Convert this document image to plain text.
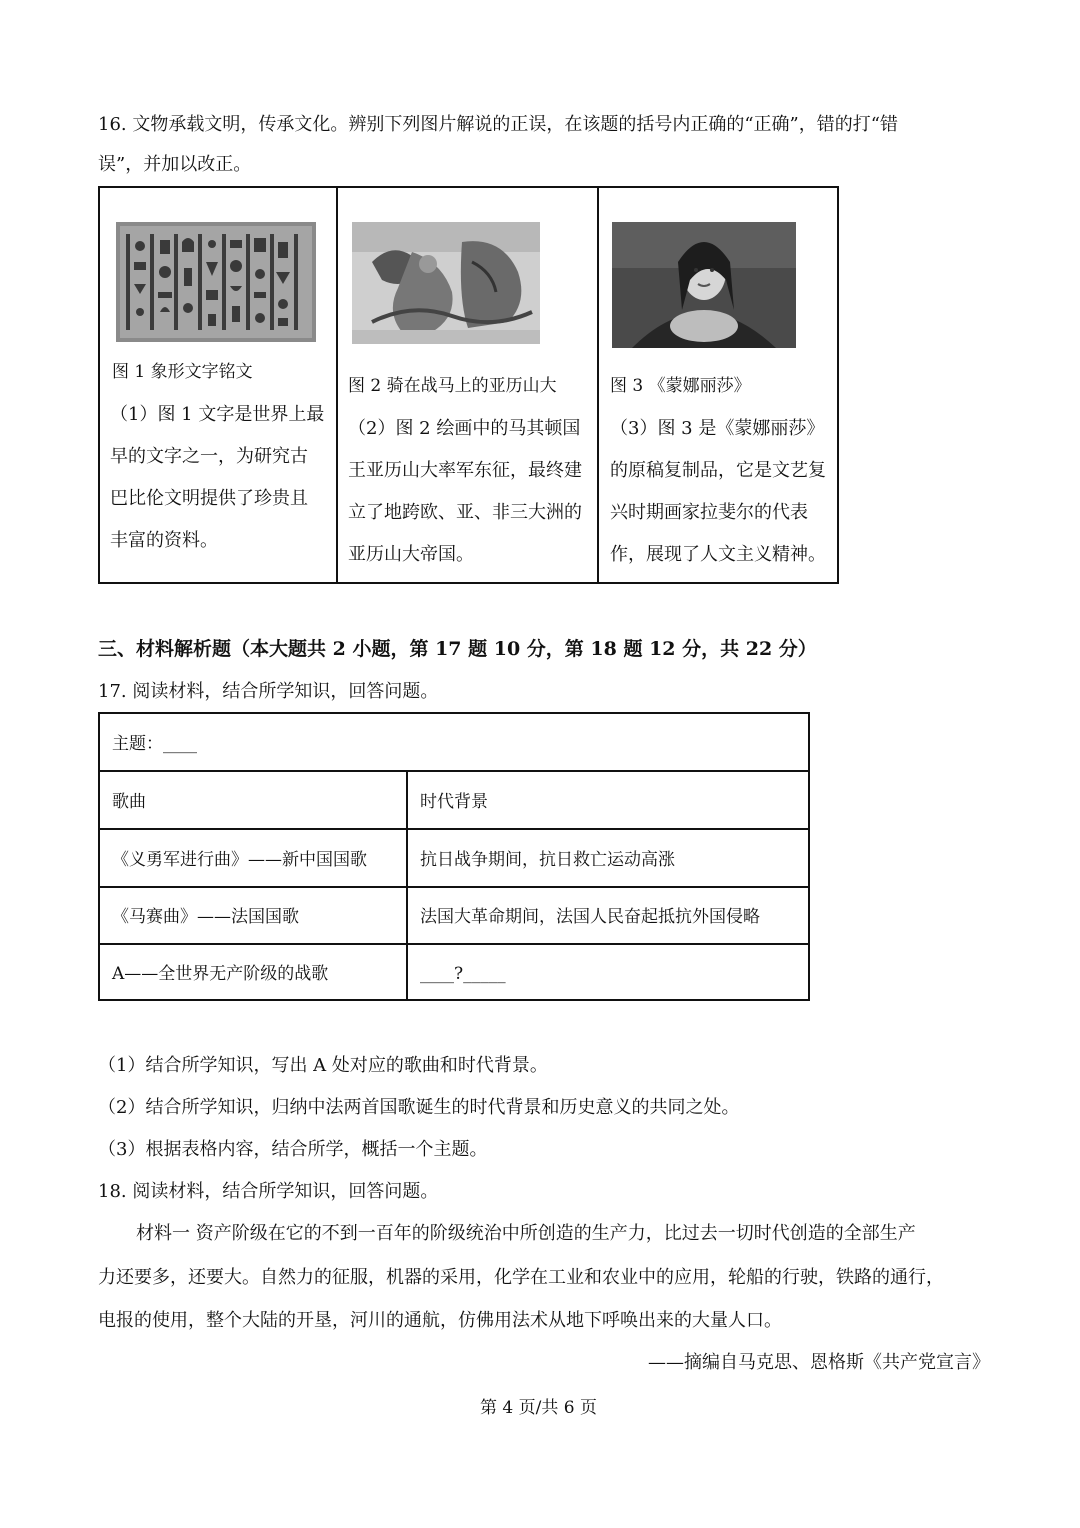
16. 文物承载文明，传承文化。辨别下列图片解说的正误，在该题的括号内正确的“正确”，错的打“错
误”，并加以改正。
图 1 象形文字铭文
（1）图 1 文字是世界上最
早的文字之一，为研究古
巴比伦文明提供了珍贵且
丰富的资料。
图 2 骑在战马上的亚历山大
（2）图 2 绘画中的马其顿国
王亚历山大率军东征，最终建
立了地跨欧、亚、非三大洲的
亚历山大帝国。
图 3 《蒙娜丽莎》
（3）图 3 是《蒙娜丽莎》
的原稿复制品，它是文艺复
兴时期画家拉斐尔的代表
作，展现了人文主义精神。
三、材料解析题（本大题共 2 小题，第 17 题 10 分，第 18 题 12 分，共 22 分）
17. 阅读材料，结合所学知识，回答问题。
主题：____
歌曲	时代背景
《义勇军进行曲》——新中国国歌	抗日战争期间，抗日救亡运动高涨
《马赛曲》——法国国歌	法国大革命期间，法国人民奋起抵抗外国侵略
A——全世界无产阶级的战歌	____?_____
（1）结合所学知识，写出 A 处对应的歌曲和时代背景。
（2）结合所学知识，归纳中法两首国歌诞生的时代背景和历史意义的共同之处。
（3）根据表格内容，结合所学，概括一个主题。
18. 阅读材料，结合所学知识，回答问题。
材料一 资产阶级在它的不到一百年的阶级统治中所创造的生产力，比过去一切时代创造的全部生产
力还要多，还要大。自然力的征服，机器的采用，化学在工业和农业中的应用，轮船的行驶，铁路的通行，
电报的使用，整个大陆的开垦，河川的通航，仿佛用法术从地下呼唤出来的大量人口。
——摘编自马克思、恩格斯《共产党宣言》
第 4 页/共 6 页
